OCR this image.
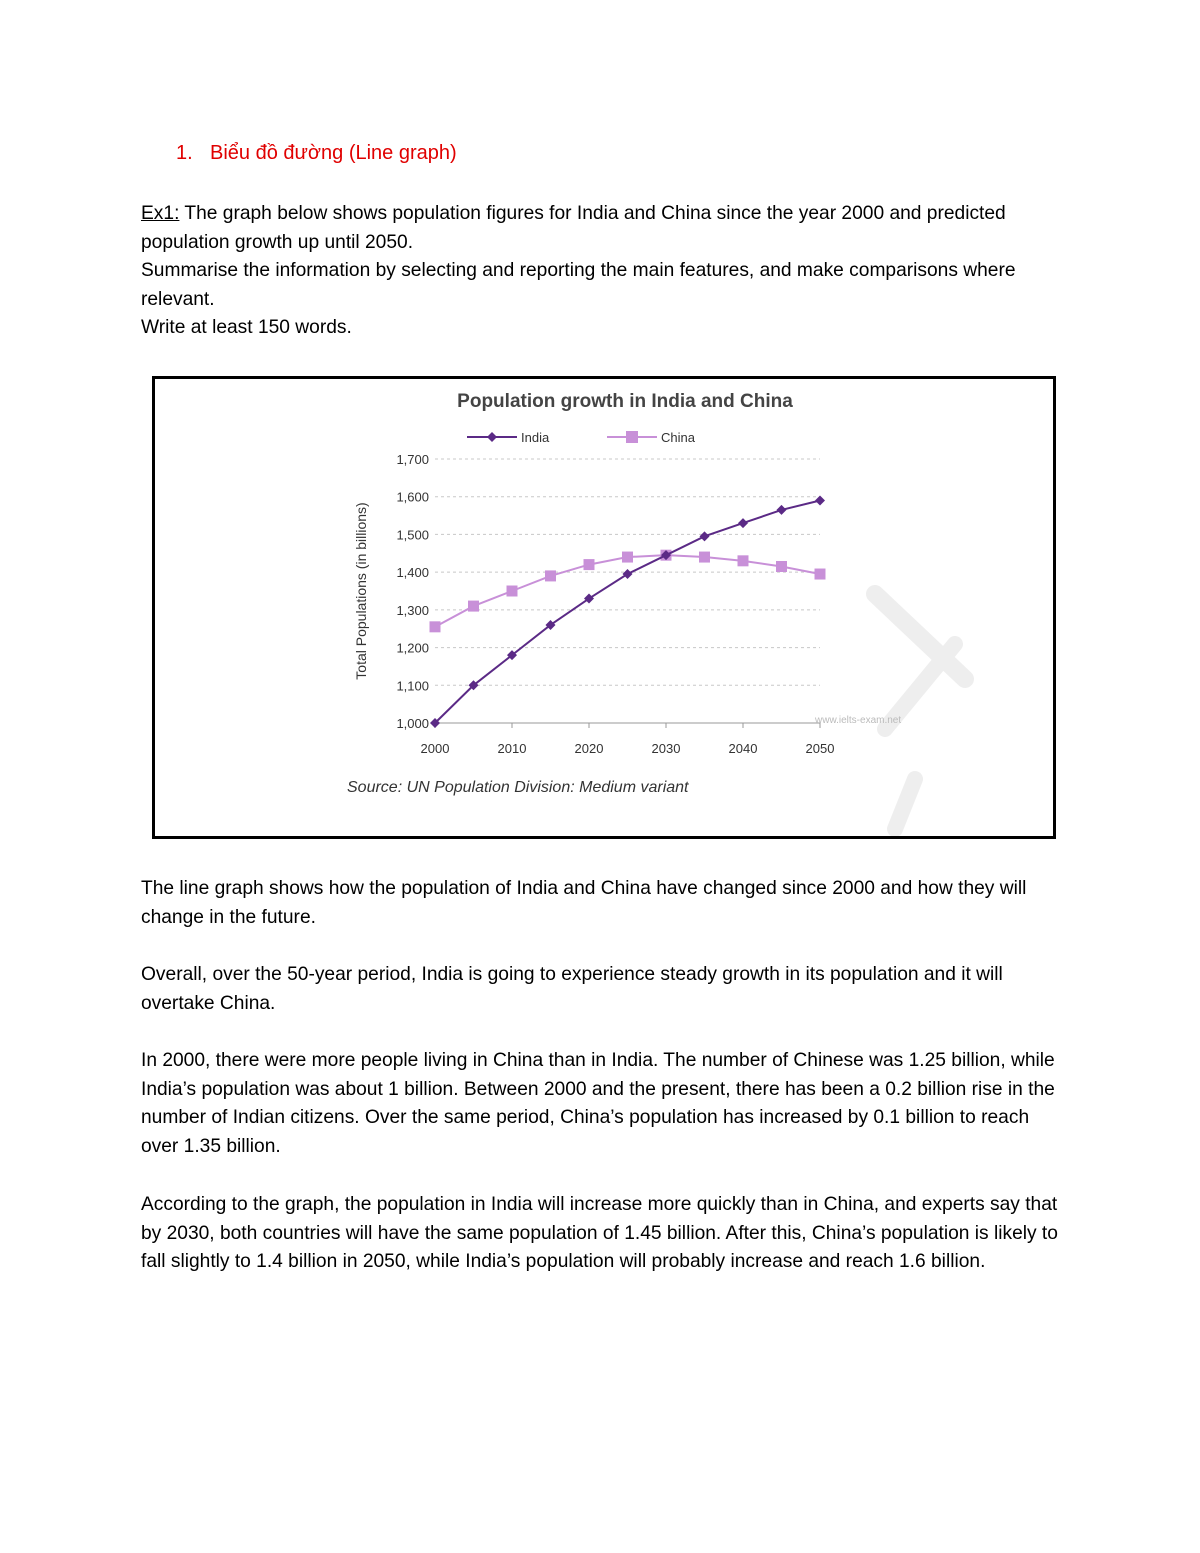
1. Biểu đồ đường (Line graph)
Ex1: The graph below shows population figures for India and China since the year 2000 and predicted population growth up until 2050.
Summarise the information by selecting and reporting the main features, and make comparisons where relevant.
Write at least 150 words.
Population growth in India and China
India	China
Total Populations (in billions)
1,000
1,100
1,200
1,300
1,400
1,500
1,600
1,700
2000	2010	2020	2030	2040	2050
www.ielts-exam.net
Source: UN Population Division: Medium variant

The line graph shows how the population of India and China have changed since 2000 and how they will change in the future.

Overall, over the 50-year period, India is going to experience steady growth in its population and it will overtake China.

In 2000, there were more people living in China than in India. The number of Chinese was 1.25 billion, while India’s population was about 1 billion. Between 2000 and the present, there has been a 0.2 billion rise in the number of Indian citizens. Over the same period, China’s population has increased by 0.1 billion to reach over 1.35 billion.

According to the graph, the population in India will increase more quickly than in China, and experts say that by 2030, both countries will have the same population of 1.45 billion. After this, China’s population is likely to fall slightly to 1.4 billion in 2050, while India’s population will probably increase and reach 1.6 billion.
